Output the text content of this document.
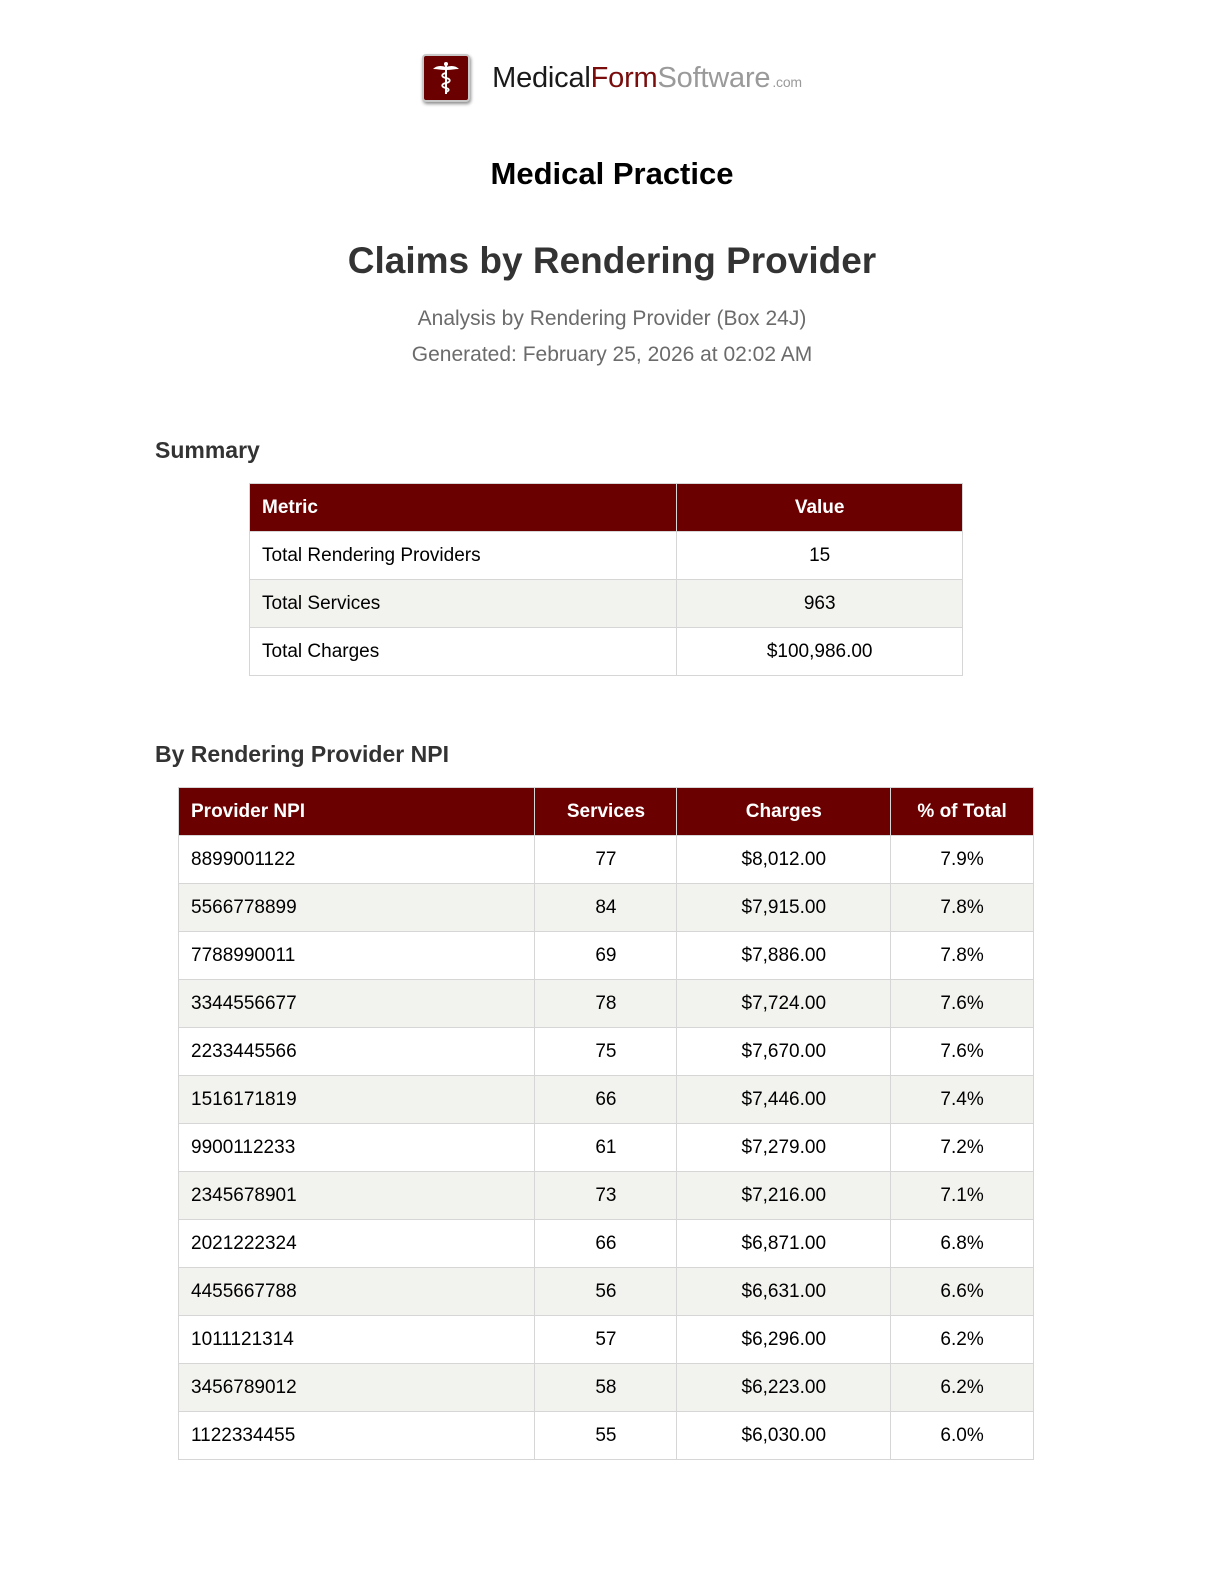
MedicalFormSoftware .com
Medical Practice
Claims by Rendering Provider
Analysis by Rendering Provider (Box 24J)
Generated: February 25, 2026 at 02:02 AM
Summary
Metric	Value
Total Rendering Providers	15
Total Services	963
Total Charges	$100,986.00
By Rendering Provider NPI
Provider NPI	Services	Charges	% of Total
8899001122	77	$8,012.00	7.9%
5566778899	84	$7,915.00	7.8%
7788990011	69	$7,886.00	7.8%
3344556677	78	$7,724.00	7.6%
2233445566	75	$7,670.00	7.6%
1516171819	66	$7,446.00	7.4%
9900112233	61	$7,279.00	7.2%
2345678901	73	$7,216.00	7.1%
2021222324	66	$6,871.00	6.8%
4455667788	56	$6,631.00	6.6%
1011121314	57	$6,296.00	6.2%
3456789012	58	$6,223.00	6.2%
1122334455	55	$6,030.00	6.0%
